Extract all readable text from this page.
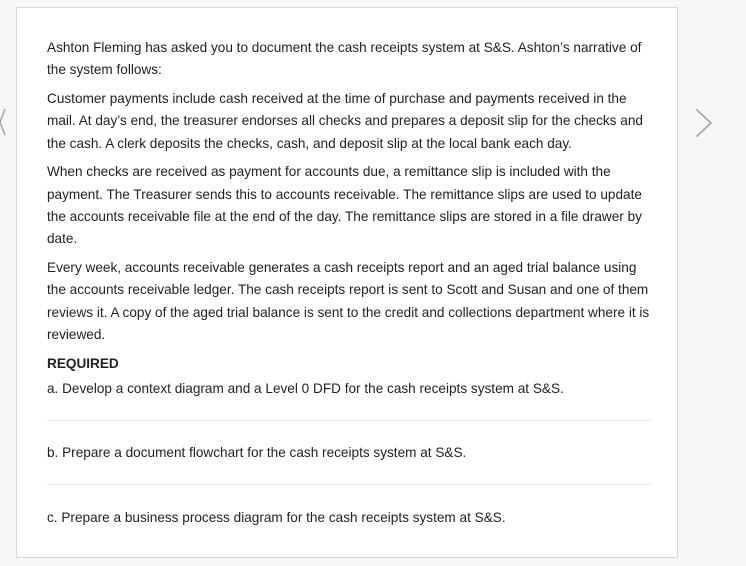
Ashton Fleming has asked you to document the cash receipts system at S&S. Ashton’s narrative of the system follows:

Customer payments include cash received at the time of purchase and payments received in the mail. At day’s end, the treasurer endorses all checks and prepares a deposit slip for the checks and the cash. A clerk deposits the checks, cash, and deposit slip at the local bank each day.

When checks are received as payment for accounts due, a remittance slip is included with the payment. The Treasurer sends this to accounts receivable. The remittance slips are used to update the accounts receivable file at the end of the day. The remittance slips are stored in a file drawer by date.

Every week, accounts receivable generates a cash receipts report and an aged trial balance using the accounts receivable ledger. The cash receipts report is sent to Scott and Susan and one of them reviews it. A copy of the aged trial balance is sent to the credit and collections department where it is reviewed.

REQUIRED
a. Develop a context diagram and a Level 0 DFD for the cash receipts system at S&S.
b. Prepare a document flowchart for the cash receipts system at S&S.
c. Prepare a business process diagram for the cash receipts system at S&S.
